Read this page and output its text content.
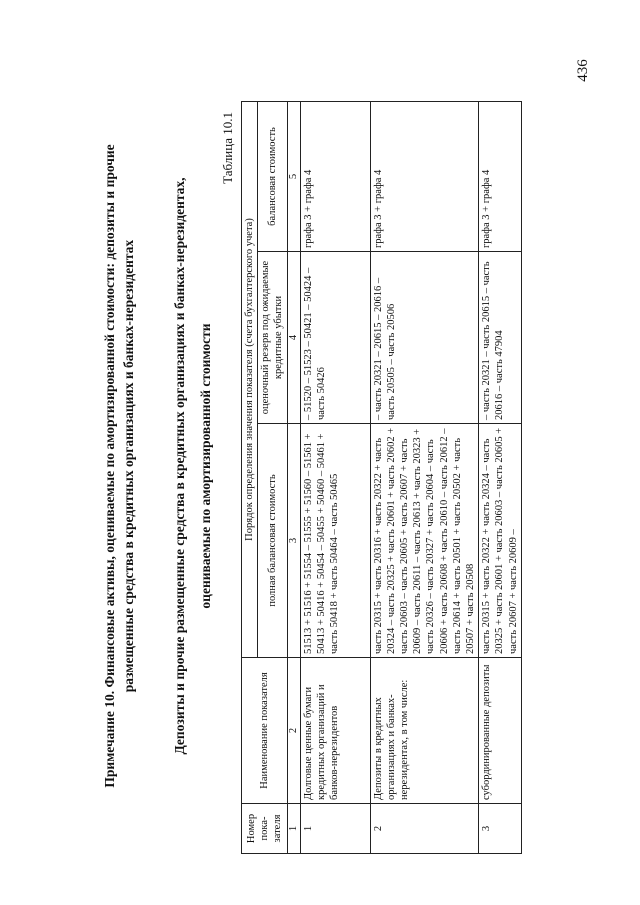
436
Примечание 10. Финансовые активы, оцениваемые по амортизированной стоимости: депозиты и прочие размещенные средства в кредитных организациях и банках-нерезидентах	Депозиты и прочие размещенные средства в кредитных организациях и банках-нерезидентах, оцениваемые по амортизированной стоимости
Таблица 10.1
Номер пока-зателя	Наименование показателя	Порядок определения значения показателя (счета бухгалтерского учета)		
		полная балансовая стоимость	оценочный резерв под ожидаемые кредитные убытки	балансовая стоимость
1	2	3	4	5
1	Долговые ценные бумаги кредитных организаций и банков-нерезидентов	51513 + 51516 + 51554 – 51555 + 51560 – 51561 + 50413 + 50416 + 50454 – 50455 + 50460 – 50461 + часть 50418 + часть 50464 – часть 50465	– 51520 – 51523 – 50421 – 50424 – часть 50426	графа 3 + графа 4
2	Депозиты в кредитных организациях и банках-нерезидентах, в том числе:	часть 20315 + часть 20316 + часть 20322 + часть 20324 – часть 20325 + часть 20601 + часть 20602 + часть 20603 – часть 20605 + часть 20607 + часть 20609 – часть 20611 – часть 20613 + часть 20323 + часть 20326 – часть 20327 + часть 20604 – часть 20606 + часть 20608 + часть 20610 – часть 20612 – часть 20614 + часть 20501 + часть 20502 + часть 20507 + часть 20508	– часть 20321 – 20615 – 20616 – часть 20505 – часть 20506	графа 3 + графа 4
3	субординированные депозиты	часть 20315 + часть 20322 + часть 20324 – часть 20325 + часть 20601 + часть 20603 – часть 20605 + часть 20607 + часть 20609 –	– часть 20321 – часть 20615 – часть 20616 – часть 47904	графа 3 + графа 4
